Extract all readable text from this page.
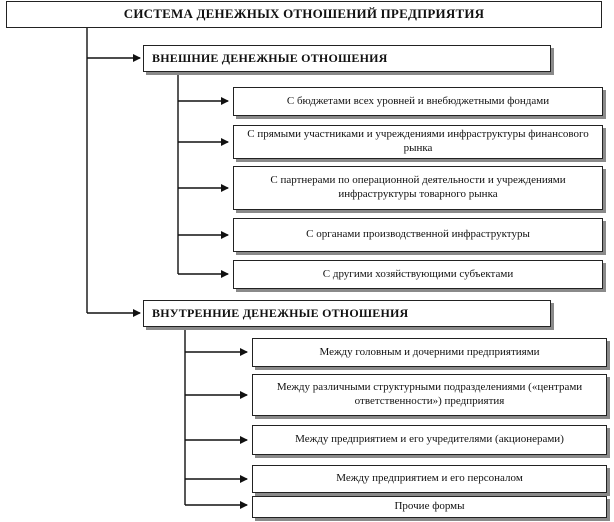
СИСТЕМА ДЕНЕЖНЫХ ОТНОШЕНИЙ ПРЕДПРИЯТИЯ
ВНЕШНИЕ ДЕНЕЖНЫЕ ОТНОШЕНИЯ
С бюджетами всех уровней и внебюджетными фондами
С прямыми участниками и учреждениями инфраструктуры финансового рынка
С партнерами по операционной деятельности и учреждениями инфраструктуры товарного рынка
С органами производственной инфраструктуры
С другими хозяйствующими субъектами
ВНУТРЕННИЕ ДЕНЕЖНЫЕ ОТНОШЕНИЯ
Между головным и дочерними предприятиями
Между различными структурными подразделениями («центрами ответственности») предприятия
Между предприятием и его учредителями (акционерами)
Между предприятием и его персоналом
Прочие формы
